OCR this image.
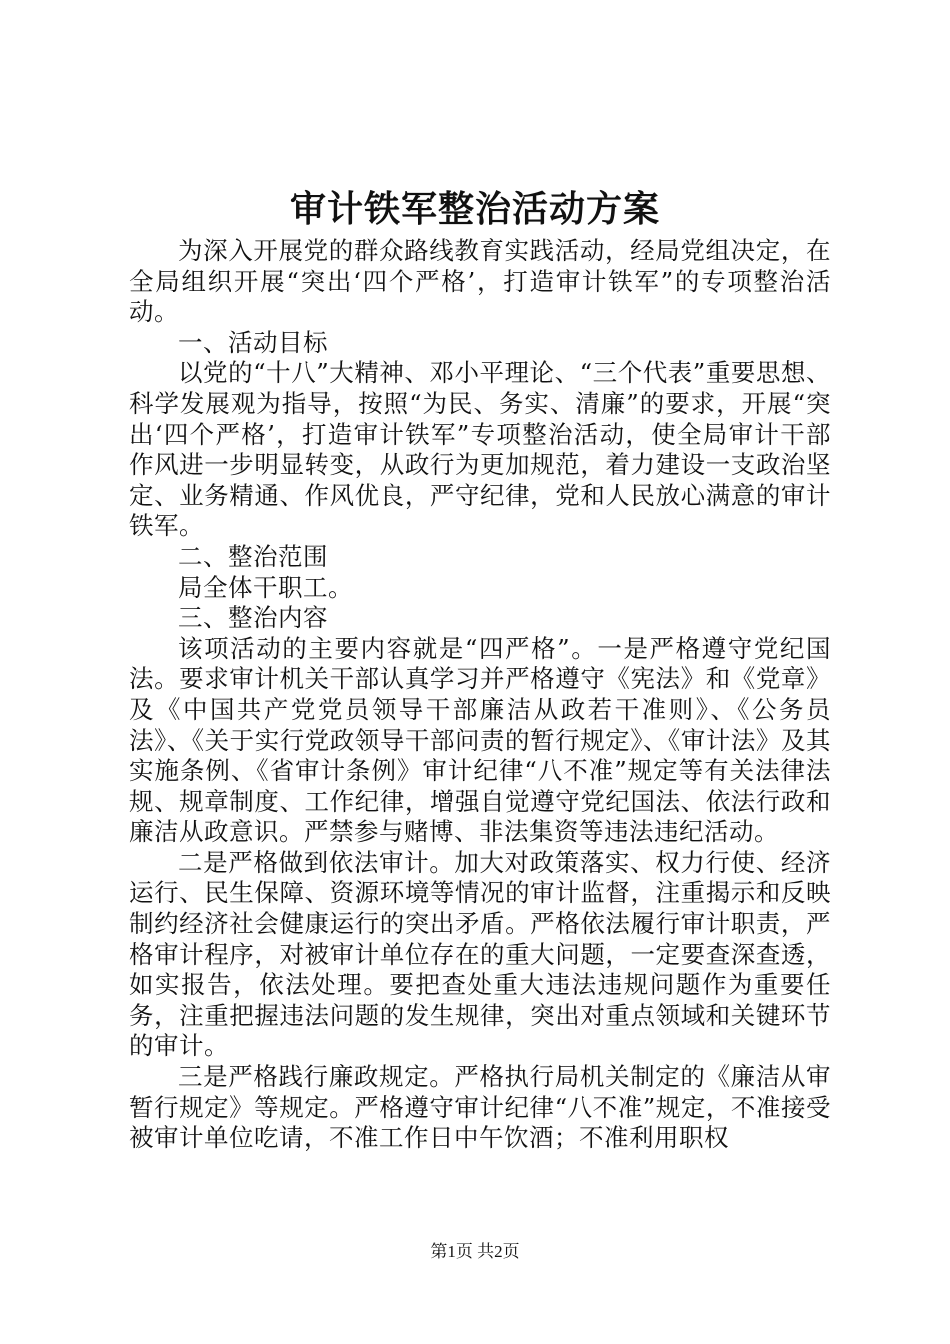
审计铁军整治活动方案

为深入开展党的群众路线教育实践活动，经局党组决定，在全局组织开展“突出‘四个严格’，打造审计铁军”的专项整治活动。

一、活动目标

以党的“十八”大精神、邓小平理论、“三个代表”重要思想、科学发展观为指导，按照“为民、务实、清廉”的要求，开展“突出‘四个严格’，打造审计铁军”专项整治活动，使全局审计干部作风进一步明显转变，从政行为更加规范，着力建设一支政治坚定、业务精通、作风优良，严守纪律，党和人民放心满意的审计铁军。

二、整治范围

局全体干职工。

三、整治内容

该项活动的主要内容就是“四严格”。一是严格遵守党纪国法。要求审计机关干部认真学习并严格遵守《宪法》和《党章》及《中国共产党党员领导干部廉洁从政若干准则》、《公务员法》、《关于实行党政领导干部问责的暂行规定》、《审计法》及其实施条例、《省审计条例》审计纪律“八不准”规定等有关法律法规、规章制度、工作纪律，增强自觉遵守党纪国法、依法行政和廉洁从政意识。严禁参与赌博、非法集资等违法违纪活动。

二是严格做到依法审计。加大对政策落实、权力行使、经济运行、民生保障、资源环境等情况的审计监督，注重揭示和反映制约经济社会健康运行的突出矛盾。严格依法履行审计职责，严格审计程序，对被审计单位存在的重大问题，一定要查深查透，如实报告，依法处理。要把查处重大违法违规问题作为重要任务，注重把握违法问题的发生规律，突出对重点领域和关键环节的审计。

三是严格践行廉政规定。严格执行局机关制定的《廉洁从审暂行规定》等规定。严格遵守审计纪律“八不准”规定，不准接受被审计单位吃请，不准工作日中午饮酒；不准利用职权

第1页 共2页
